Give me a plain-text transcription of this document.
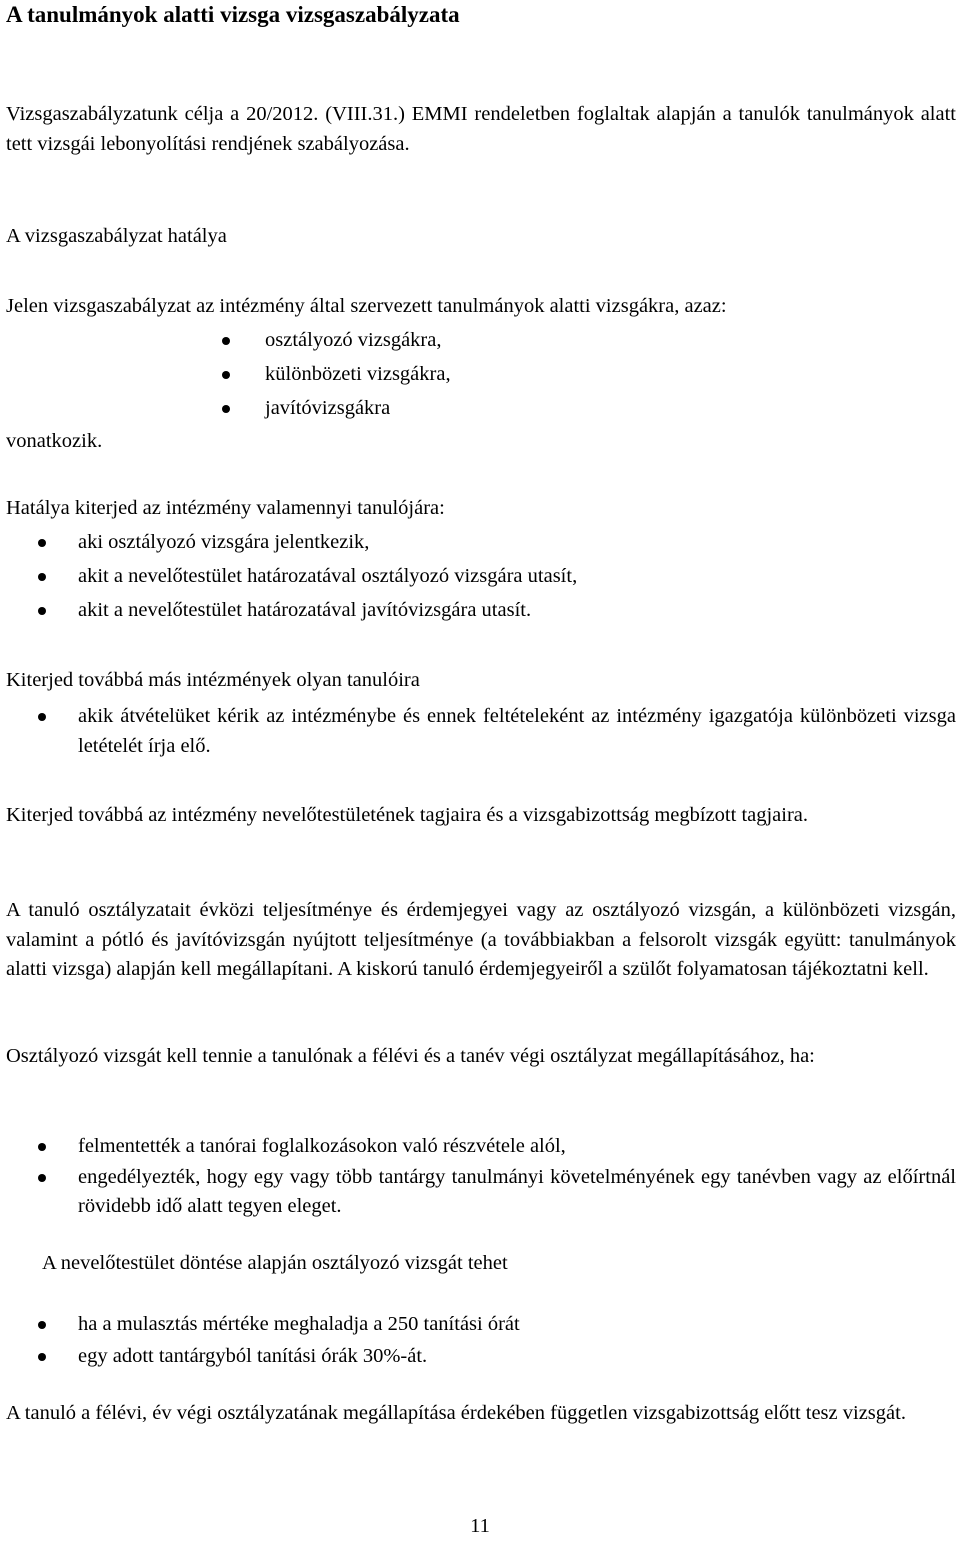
A tanulmányok alatti vizsga vizsgaszabályzata

Vizsgaszabályzatunk célja a 20/2012. (VIII.31.) EMMI rendeletben foglaltak alapján a tanulók tanulmányok alatt tett vizsgái lebonyolítási rendjének szabályozása.

A vizsgaszabályzat hatálya

Jelen vizsgaszabályzat az intézmény által szervezett tanulmányok alatti vizsgákra, azaz:

osztályozó vizsgákra,
különbözeti vizsgákra,
javítóvizsgákra

vonatkozik.

Hatálya kiterjed az intézmény valamennyi tanulójára:

aki osztályozó vizsgára jelentkezik,
akit a nevelőtestület határozatával osztályozó vizsgára utasít,
akit a nevelőtestület határozatával javítóvizsgára utasít.

Kiterjed továbbá más intézmények olyan tanulóira

akik átvételüket kérik az intézménybe és ennek feltételeként az intézmény igazgatója különbözeti vizsga letételét írja elő.

Kiterjed továbbá az intézmény nevelőtestületének tagjaira és a vizsgabizottság megbízott tagjaira.

A tanuló osztályzatait évközi teljesítménye és érdemjegyei vagy az osztályozó vizsgán, a különbözeti vizsgán, valamint a pótló és javítóvizsgán nyújtott teljesítménye (a továbbiakban a felsorolt vizsgák együtt: tanulmányok alatti vizsga) alapján kell megállapítani. A kiskorú tanuló érdemjegyeiről a szülőt folyamatosan tájékoztatni kell.

Osztályozó vizsgát kell tennie a tanulónak a félévi és a tanév végi osztályzat megállapításához, ha:

felmentették a tanórai foglalkozásokon való részvétele alól,
engedélyezték, hogy egy vagy több tantárgy tanulmányi követelményének egy tanévben vagy az előírtnál rövidebb idő alatt tegyen eleget.

A nevelőtestület döntése alapján osztályozó vizsgát tehet

ha a mulasztás mértéke meghaladja a 250 tanítási órát
egy adott tantárgyból tanítási órák 30%-át.

A tanuló a félévi, év végi osztályzatának megállapítása érdekében független vizsgabizottság előtt tesz vizsgát.

11
